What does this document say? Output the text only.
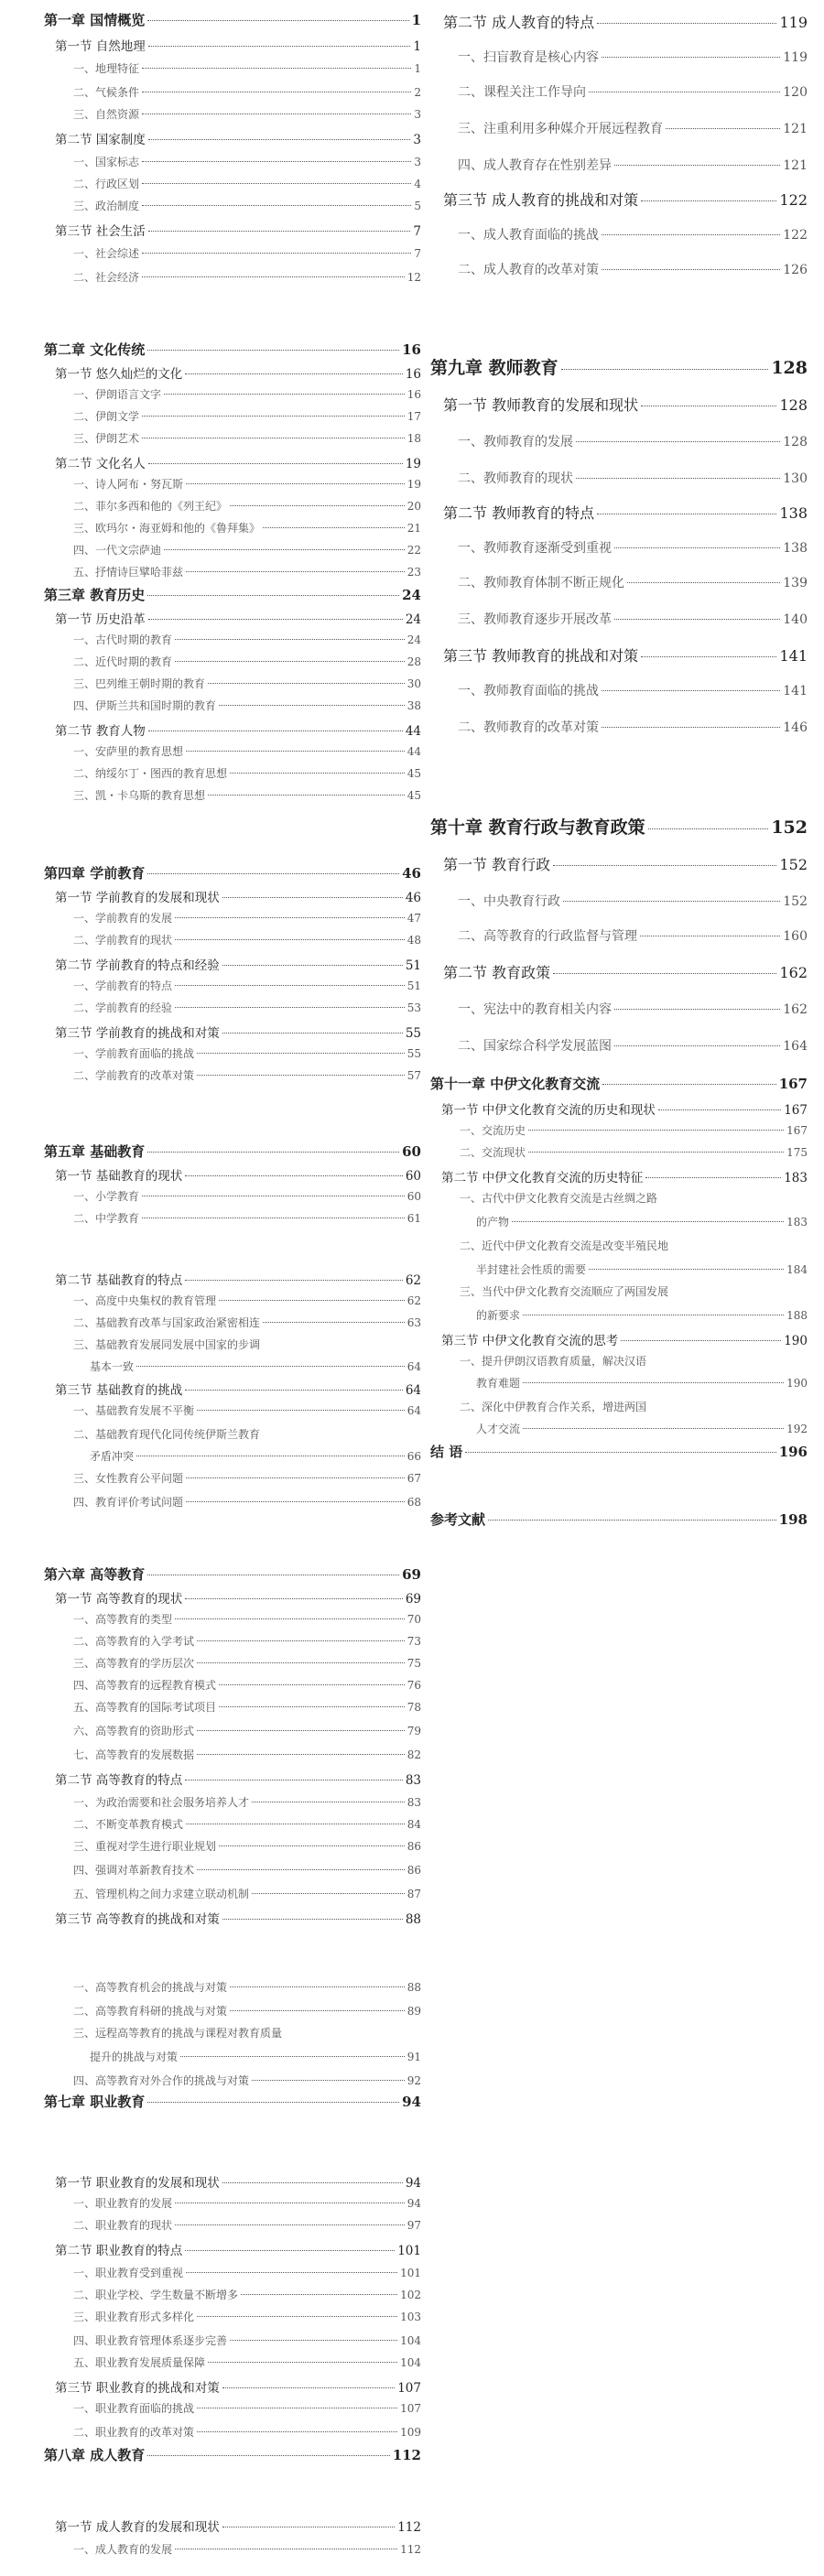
第一章 国情概览	1
第一节 自然地理	1
一、地理特征	1
二、气候条件	2
三、自然资源	3
第二节 国家制度	3
一、国家标志	3
二、行政区划	4
三、政治制度	5
第三节 社会生活	7
一、社会综述	7
二、社会经济	12
第二章 文化传统	16
第一节 悠久灿烂的文化	16
一、伊朗语言文字	16
二、伊朗文学	17
三、伊朗艺术	18
第二节 文化名人	19
一、诗人阿布・努瓦斯	19
二、菲尔多西和他的《列王纪》	20
三、欧玛尔・海亚姆和他的《鲁拜集》	21
四、一代文宗萨迪	22
五、抒情诗巨擘哈菲兹	23
第三章 教育历史	24
第一节 历史沿革	24
一、古代时期的教育	24
二、近代时期的教育	28
三、巴列维王朝时期的教育	30
四、伊斯兰共和国时期的教育	38
第二节 教育人物	44
一、安萨里的教育思想	44
二、纳绥尔丁・图西的教育思想	45
三、凯・卡乌斯的教育思想	45
第四章 学前教育	46
第一节 学前教育的发展和现状	46
一、学前教育的发展	47
二、学前教育的现状	48
第二节 学前教育的特点和经验	51
一、学前教育的特点	51
二、学前教育的经验	53
第三节 学前教育的挑战和对策	55
一、学前教育面临的挑战	55
二、学前教育的改革对策	57
第五章 基础教育	60
第一节 基础教育的现状	60
一、小学教育	60
二、中学教育	61
第二节 基础教育的特点	62
一、高度中央集权的教育管理	62
二、基础教育改革与国家政治紧密相连	63
三、基础教育发展同发展中国家的步调
基本一致	64
第三节 基础教育的挑战	64
一、基础教育发展不平衡	64
二、基础教育现代化同传统伊斯兰教育
矛盾冲突	66
三、女性教育公平问题	67
四、教育评价考试问题	68
第六章 高等教育	69
第一节 高等教育的现状	69
一、高等教育的类型	70
二、高等教育的入学考试	73
三、高等教育的学历层次	75
四、高等教育的远程教育模式	76
五、高等教育的国际考试项目	78
六、高等教育的资助形式	79
七、高等教育的发展数据	82
第二节 高等教育的特点	83
一、为政治需要和社会服务培养人才	83
二、不断变革教育模式	84
三、重视对学生进行职业规划	86
四、强调对革新教育技术	86
五、管理机构之间力求建立联动机制	87
第三节 高等教育的挑战和对策	88
一、高等教育机会的挑战与对策	88
二、高等教育科研的挑战与对策	89
三、远程高等教育的挑战与课程对教育质量
提升的挑战与对策	91
四、高等教育对外合作的挑战与对策	92
第七章 职业教育	94
第一节 职业教育的发展和现状	94
一、职业教育的发展	94
二、职业教育的现状	97
第二节 职业教育的特点	101
一、职业教育受到重视	101
二、职业学校、学生数量不断增多	102
三、职业教育形式多样化	103
四、职业教育管理体系逐步完善	104
五、职业教育发展质量保障	104
第三节 职业教育的挑战和对策	107
一、职业教育面临的挑战	107
二、职业教育的改革对策	109
第八章 成人教育	112
第一节 成人教育的发展和现状	112
一、成人教育的发展	112
第二节 成人教育的特点	119
一、扫盲教育是核心内容	119
二、课程关注工作导向	120
三、注重利用多种媒介开展远程教育	121
四、成人教育存在性别差异	121
第三节 成人教育的挑战和对策	122
一、成人教育面临的挑战	122
二、成人教育的改革对策	126
第九章 教师教育	128
第一节 教师教育的发展和现状	128
一、教师教育的发展	128
二、教师教育的现状	130
第二节 教师教育的特点	138
一、教师教育逐渐受到重视	138
二、教师教育体制不断正规化	139
三、教师教育逐步开展改革	140
第三节 教师教育的挑战和对策	141
一、教师教育面临的挑战	141
二、教师教育的改革对策	146
第十章 教育行政与教育政策	152
第一节 教育行政	152
一、中央教育行政	152
二、高等教育的行政监督与管理	160
第二节 教育政策	162
一、宪法中的教育相关内容	162
二、国家综合科学发展蓝图	164
第十一章 中伊文化教育交流	167
第一节 中伊文化教育交流的历史和现状	167
一、交流历史	167
二、交流现状	175
第二节 中伊文化教育交流的历史特征	183
一、古代中伊文化教育交流是古丝绸之路
的产物	183
二、近代中伊文化教育交流是改变半殖民地
半封建社会性质的需要	184
三、当代中伊文化教育交流顺应了两国发展
的新要求	188
第三节 中伊文化教育交流的思考	190
一、提升伊朗汉语教育质量，解决汉语
教育难题	190
二、深化中伊教育合作关系，增进两国
人才交流	192
结 语	196
参考文献	198
